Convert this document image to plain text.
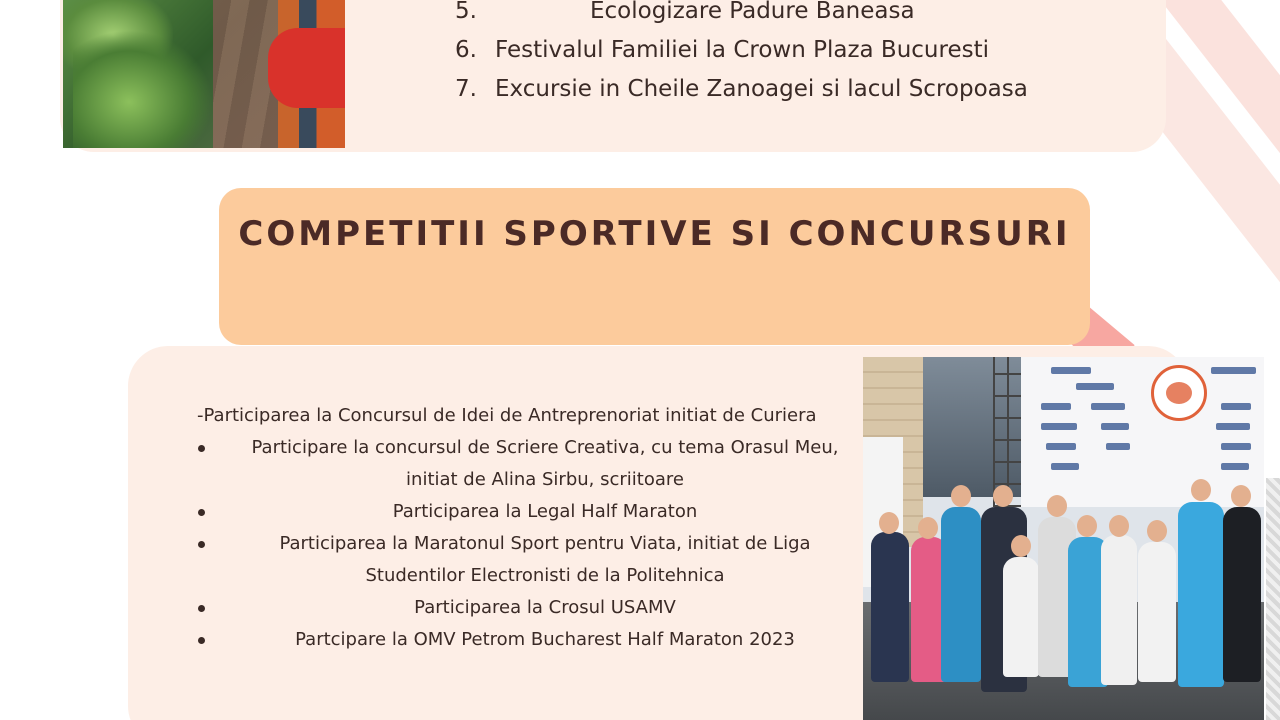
5.	Ecologizare Padure Baneasa
6. Festivalul Familiei la Crown Plaza Bucuresti
7. Excursie in Cheile Zanoagei si lacul Scropoasa
COMPETITII SPORTIVE SI CONCURSURI
-Participarea la Concursul de Idei de Antreprenoriat initiat de Curiera
Participare la concursul de Scriere Creativa, cu tema Orasul Meu,
initiat de Alina Sirbu, scriitoare
Participarea la Legal Half Maraton
Participarea la Maratonul Sport pentru Viata, initiat de Liga
Studentilor Electronisti de la Politehnica
Participarea la Crosul USAMV
Partcipare la OMV Petrom Bucharest Half Maraton 2023
